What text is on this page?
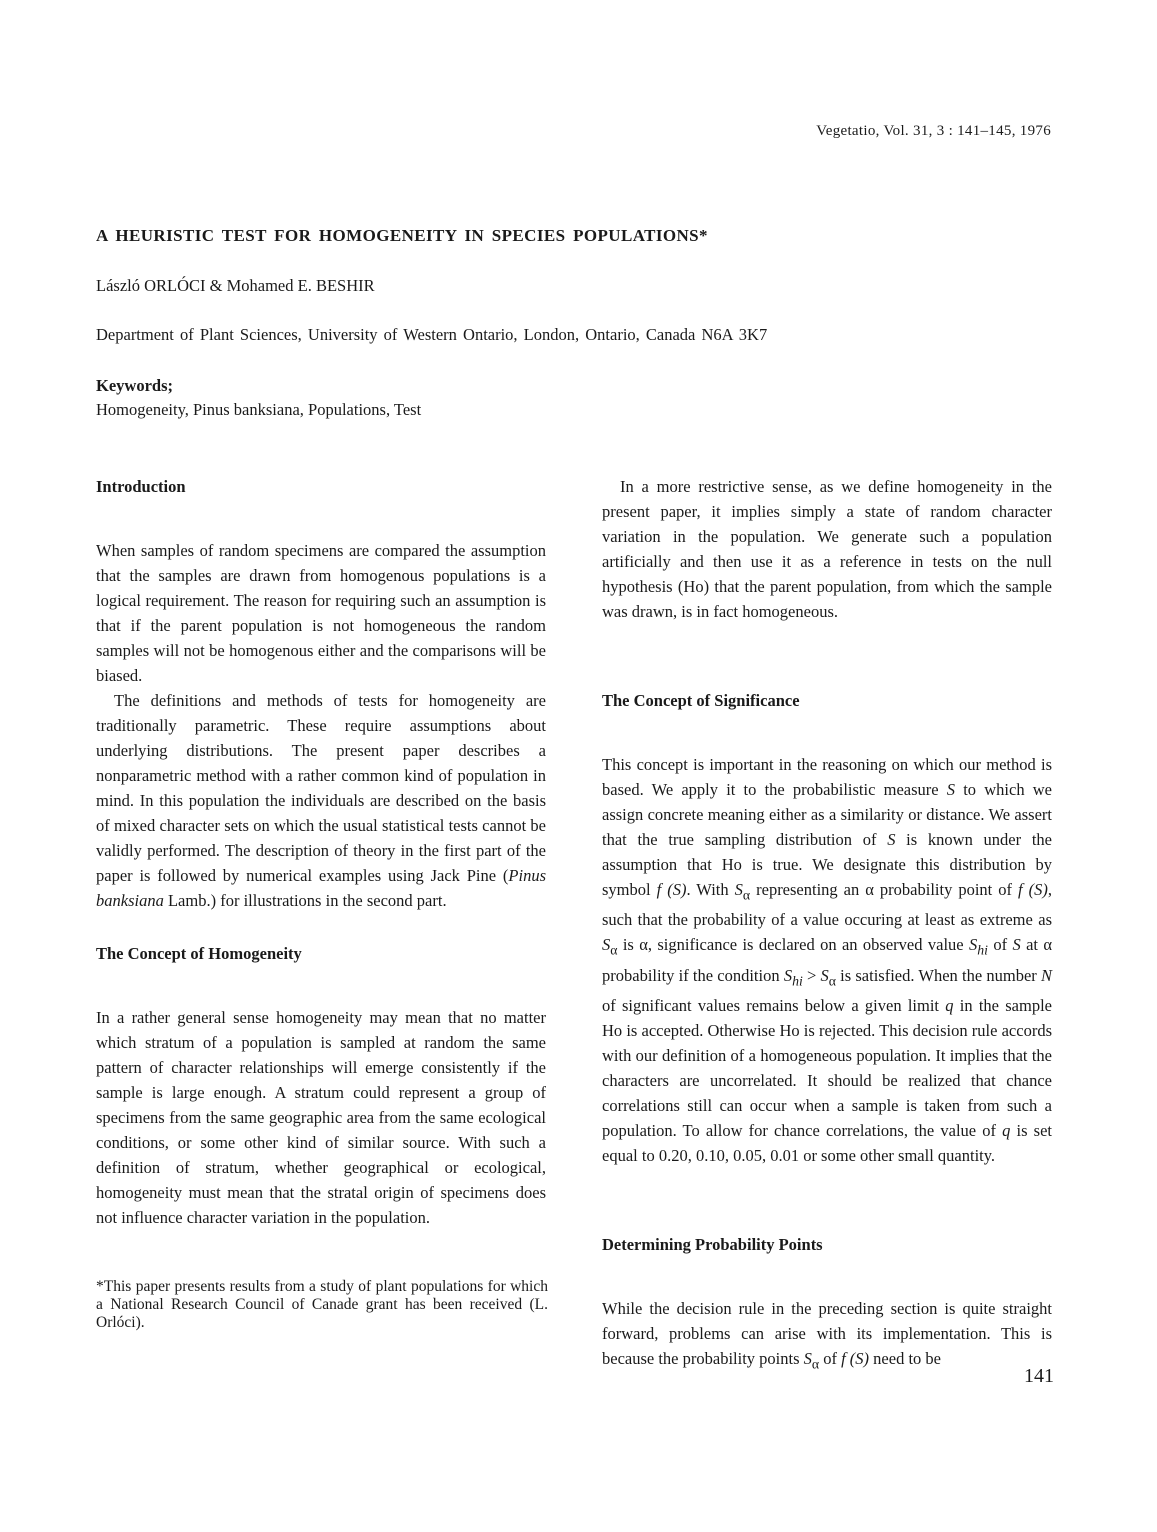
Vegetatio, Vol. 31, 3 : 141–145, 1976
A HEURISTIC TEST FOR HOMOGENEITY IN SPECIES POPULATIONS*
László ORLÓCI & Mohamed E. BESHIR
Department of Plant Sciences, University of Western Ontario, London, Ontario, Canada N6A 3K7
Keywords;
Homogeneity, Pinus banksiana, Populations, Test
Introduction

When samples of random specimens are compared the assumption that the samples are drawn from homogenous populations is a logical requirement. The reason for requiring such an assumption is that if the parent population is not homogeneous the random samples will not be homogenous either and the comparisons will be biased.

The definitions and methods of tests for homogeneity are traditionally parametric. These require assumptions about underlying distributions. The present paper describes a nonparametric method with a rather common kind of population in mind. In this population the individuals are described on the basis of mixed character sets on which the usual statistical tests cannot be validly performed. The description of theory in the first part of the paper is followed by numerical examples using Jack Pine (Pinus banksiana Lamb.) for illustrations in the second part.

The Concept of Homogeneity

In a rather general sense homogeneity may mean that no matter which stratum of a population is sampled at random the same pattern of character relationships will emerge consistently if the sample is large enough. A stratum could represent a group of specimens from the same geographic area from the same ecological conditions, or some other kind of similar source. With such a definition of stratum, whether geographical or ecological, homogeneity must mean that the stratal origin of specimens does not influence character variation in the population.

*This paper presents results from a study of plant populations for which a National Research Council of Canade grant has been received (L. Orlóci).

In a more restrictive sense, as we define homogeneity in the present paper, it implies simply a state of random character variation in the population. We generate such a population artificially and then use it as a reference in tests on the null hypothesis (Ho) that the parent population, from which the sample was drawn, is in fact homogeneous.

The Concept of Significance

This concept is important in the reasoning on which our method is based. We apply it to the probabilistic measure S to which we assign concrete meaning either as a similarity or distance. We assert that the true sampling distribution of S is known under the assumption that Ho is true. We designate this distribution by symbol f (S). With $S_\alpha$ representing an α probability point of f (S), such that the probability of a value occuring at least as extreme as $S_\alpha$ is α, significance is declared on an observed value $S_{hi}$ of S at α probability if the condition $S_{hi} > S_\alpha$ is satisfied. When the number N of significant values remains below a given limit q in the sample Ho is accepted. Otherwise Ho is rejected. This decision rule accords with our definition of a homogeneous population. It implies that the characters are uncorrelated. It should be realized that chance correlations still can occur when a sample is taken from such a population. To allow for chance correlations, the value of q is set equal to 0.20, 0.10, 0.05, 0.01 or some other small quantity.

Determining Probability Points

While the decision rule in the preceding section is quite straight forward, problems can arise with its implementation. This is because the probability points $S_\alpha$ of f (S) need to be

141
